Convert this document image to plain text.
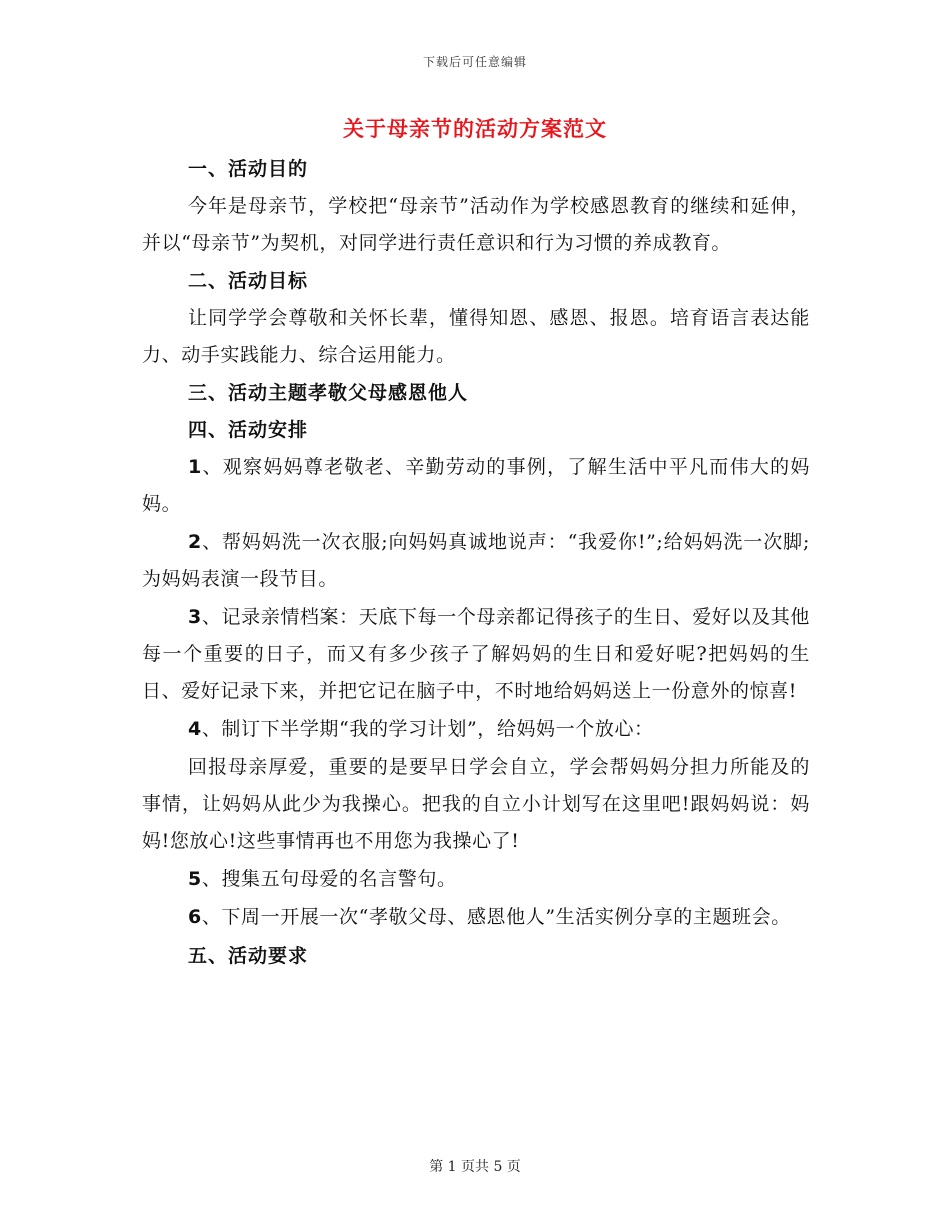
下载后可任意编辑
关于母亲节的活动方案范文
一、活动目的
今年是母亲节，学校把“母亲节”活动作为学校感恩教育的继续和延伸，并以“母亲节”为契机，对同学进行责任意识和行为习惯的养成教育。
二、活动目标
让同学学会尊敬和关怀长辈，懂得知恩、感恩、报恩。培育语言表达能力、动手实践能力、综合运用能力。
三、活动主题孝敬父母感恩他人
四、活动安排
1、观察妈妈尊老敬老、辛勤劳动的事例，了解生活中平凡而伟大的妈妈。
2、帮妈妈洗一次衣服;向妈妈真诚地说声：“我爱你!”;给妈妈洗一次脚;为妈妈表演一段节目。
3、记录亲情档案：天底下每一个母亲都记得孩子的生日、爱好以及其他每一个重要的日子，而又有多少孩子了解妈妈的生日和爱好呢?把妈妈的生日、爱好记录下来，并把它记在脑子中，不时地给妈妈送上一份意外的惊喜!
4、制订下半学期“我的学习计划”，给妈妈一个放心：
回报母亲厚爱，重要的是要早日学会自立，学会帮妈妈分担力所能及的事情，让妈妈从此少为我操心。把我的自立小计划写在这里吧!跟妈妈说：妈妈!您放心!这些事情再也不用您为我操心了!
5、搜集五句母爱的名言警句。
6、下周一开展一次“孝敬父母、感恩他人”生活实例分享的主题班会。
五、活动要求
第 1 页共 5 页
